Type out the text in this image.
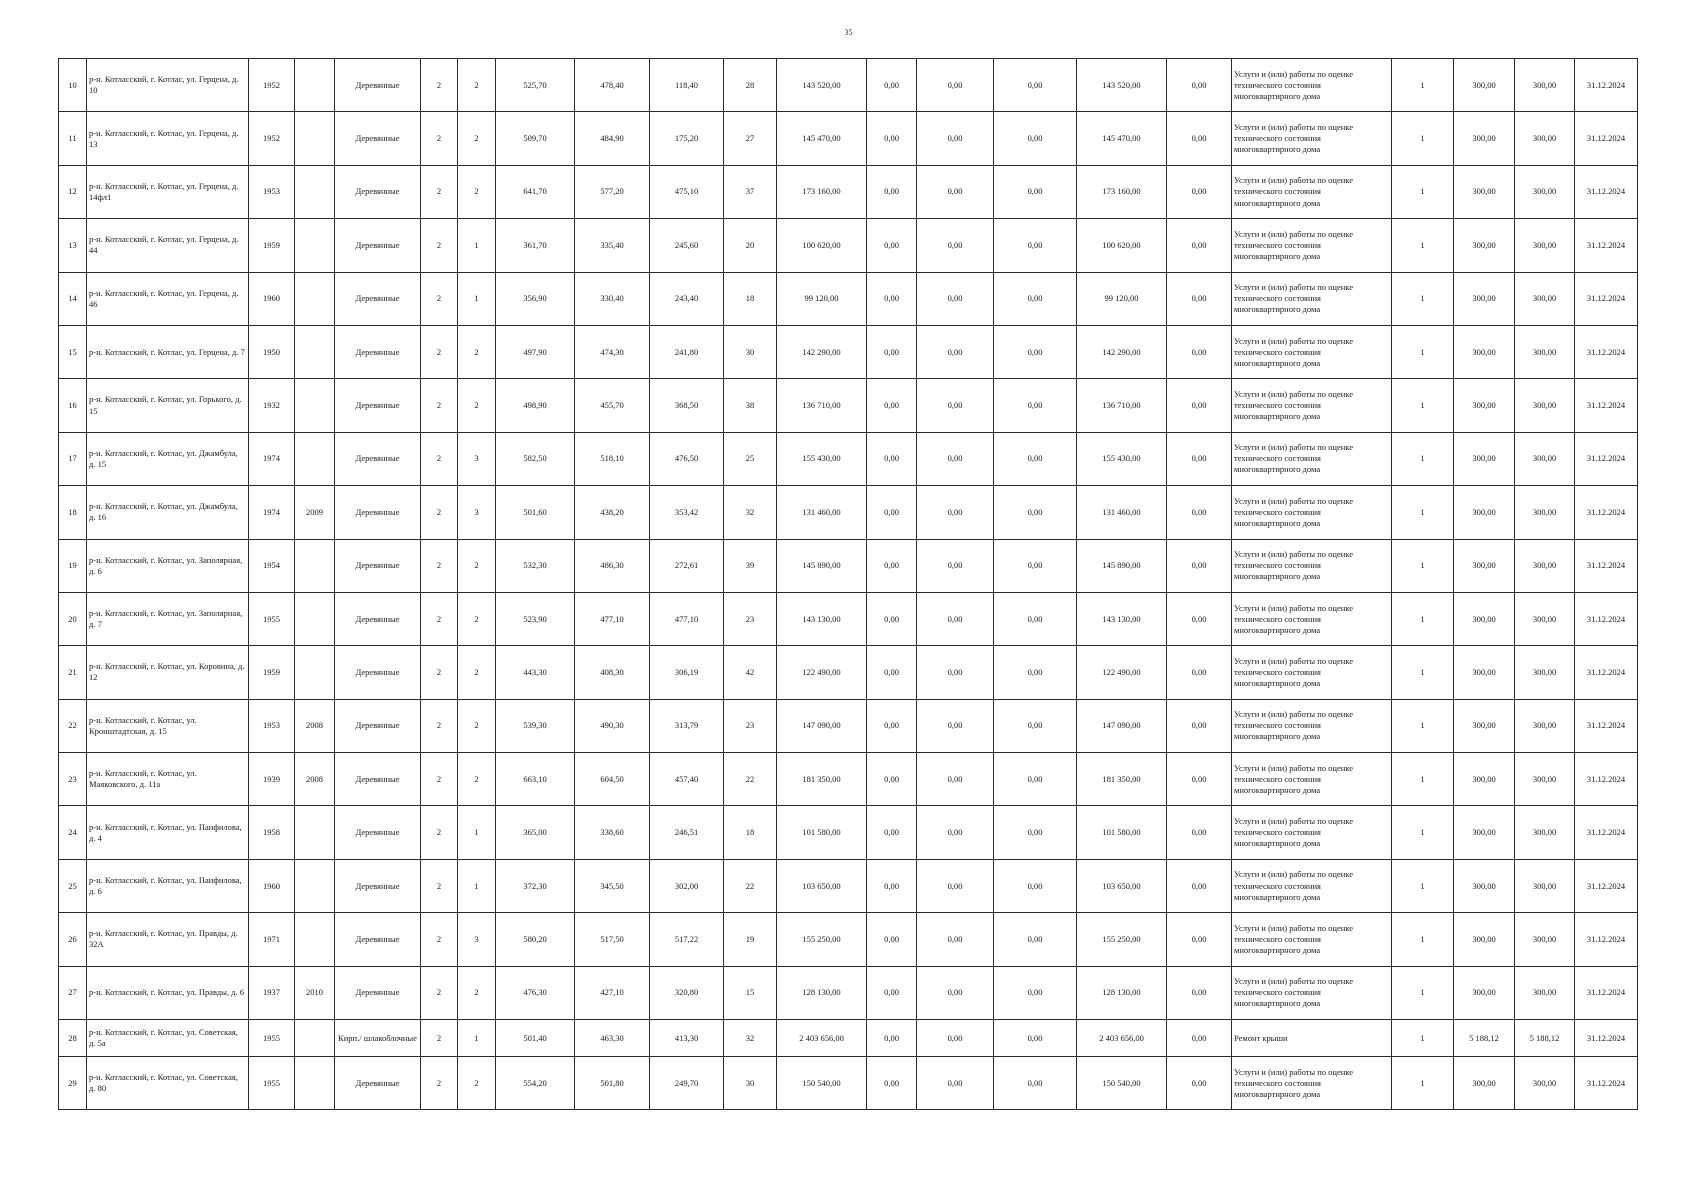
35
10	р-н. Котласский, г. Котлас, ул. Герцена, д. 10	1952		Деревянные	2	2	525,70	478,40	118,40	28	143 520,00	0,00	0,00	0,00	143 520,00	0,00	Услуги и (или) работы по оценке технического состояния многоквартирного дома	1	300,00	300,00	31.12.2024
11	р-н. Котласский, г. Котлас, ул. Герцена, д. 13	1952		Деревянные	2	2	509,70	484,90	175,20	27	145 470,00	0,00	0,00	0,00	145 470,00	0,00	Услуги и (или) работы по оценке технического состояния многоквартирного дома	1	300,00	300,00	31.12.2024
12	р-н. Котласский, г. Котлас, ул. Герцена, д. 14фл1	1953		Деревянные	2	2	641,70	577,20	475,10	37	173 160,00	0,00	0,00	0,00	173 160,00	0,00	Услуги и (или) работы по оценке технического состояния многоквартирного дома	1	300,00	300,00	31.12.2024
13	р-н. Котласский, г. Котлас, ул. Герцена, д. 44	1959		Деревянные	2	1	361,70	335,40	245,60	20	100 620,00	0,00	0,00	0,00	100 620,00	0,00	Услуги и (или) работы по оценке технического состояния многоквартирного дома	1	300,00	300,00	31.12.2024
14	р-н. Котласский, г. Котлас, ул. Герцена, д. 46	1960		Деревянные	2	1	356,90	330,40	243,40	18	99 120,00	0,00	0,00	0,00	99 120,00	0,00	Услуги и (или) работы по оценке технического состояния многоквартирного дома	1	300,00	300,00	31.12.2024
15	р-н. Котласский, г. Котлас, ул. Герцена, д. 7	1950		Деревянные	2	2	497,90	474,30	241,80	30	142 290,00	0,00	0,00	0,00	142 290,00	0,00	Услуги и (или) работы по оценке технического состояния многоквартирного дома	1	300,00	300,00	31.12.2024
16	р-н. Котласский, г. Котлас, ул. Горького, д. 15	1932		Деревянные	2	2	498,90	455,70	368,50	38	136 710,00	0,00	0,00	0,00	136 710,00	0,00	Услуги и (или) работы по оценке технического состояния многоквартирного дома	1	300,00	300,00	31.12.2024
17	р-н. Котласский, г. Котлас, ул. Джамбула, д. 15	1974		Деревянные	2	3	582,50	518,10	476,50	25	155 430,00	0,00	0,00	0,00	155 430,00	0,00	Услуги и (или) работы по оценке технического состояния многоквартирного дома	1	300,00	300,00	31.12.2024
18	р-н. Котласский, г. Котлас, ул. Джамбула, д. 16	1974	2009	Деревянные	2	3	501,60	438,20	353,42	32	131 460,00	0,00	0,00	0,00	131 460,00	0,00	Услуги и (или) работы по оценке технического состояния многоквартирного дома	1	300,00	300,00	31.12.2024
19	р-н. Котласский, г. Котлас, ул. Заполярная, д. 6	1954		Деревянные	2	2	532,30	486,30	272,61	39	145 890,00	0,00	0,00	0,00	145 890,00	0,00	Услуги и (или) работы по оценке технического состояния многоквартирного дома	1	300,00	300,00	31.12.2024
20	р-н. Котласский, г. Котлас, ул. Заполярная, д. 7	1955		Деревянные	2	2	523,90	477,10	477,10	23	143 130,00	0,00	0,00	0,00	143 130,00	0,00	Услуги и (или) работы по оценке технического состояния многоквартирного дома	1	300,00	300,00	31.12.2024
21	р-н. Котласский, г. Котлас, ул. Коровина, д. 12	1959		Деревянные	2	2	443,30	408,30	306,19	42	122 490,00	0,00	0,00	0,00	122 490,00	0,00	Услуги и (или) работы по оценке технического состояния многоквартирного дома	1	300,00	300,00	31.12.2024
22	р-н. Котласский, г. Котлас, ул. Кронштадтская, д. 15	1953	2008	Деревянные	2	2	539,30	490,30	313,79	23	147 090,00	0,00	0,00	0,00	147 090,00	0,00	Услуги и (или) работы по оценке технического состояния многоквартирного дома	1	300,00	300,00	31.12.2024
23	р-н. Котласский, г. Котлас, ул. Маяковского, д. 11а	1939	2008	Деревянные	2	2	663,10	604,50	457,40	22	181 350,00	0,00	0,00	0,00	181 350,00	0,00	Услуги и (или) работы по оценке технического состояния многоквартирного дома	1	300,00	300,00	31.12.2024
24	р-н. Котласский, г. Котлас, ул. Панфилова, д. 4	1958		Деревянные	2	1	365,00	338,60	246,51	18	101 580,00	0,00	0,00	0,00	101 580,00	0,00	Услуги и (или) работы по оценке технического состояния многоквартирного дома	1	300,00	300,00	31.12.2024
25	р-н. Котласский, г. Котлас, ул. Панфилова, д. 6	1960		Деревянные	2	1	372,30	345,50	302,00	22	103 650,00	0,00	0,00	0,00	103 650,00	0,00	Услуги и (или) работы по оценке технического состояния многоквартирного дома	1	300,00	300,00	31.12.2024
26	р-н. Котласский, г. Котлас, ул. Правды, д. 32А	1971		Деревянные	2	3	580,20	517,50	517,22	19	155 250,00	0,00	0,00	0,00	155 250,00	0,00	Услуги и (или) работы по оценке технического состояния многоквартирного дома	1	300,00	300,00	31.12.2024
27	р-н. Котласский, г. Котлас, ул. Правды, д. 6	1937	2010	Деревянные	2	2	476,30	427,10	320,80	15	128 130,00	0,00	0,00	0,00	128 130,00	0,00	Услуги и (или) работы по оценке технического состояния многоквартирного дома	1	300,00	300,00	31.12.2024
28	р-н. Котласский, г. Котлас, ул. Советская, д. 5а	1955		Кирп./ шлакоблочные	2	1	501,40	463,30	413,30	32	2 403 656,00	0,00	0,00	0,00	2 403 656,00	0,00	Ремонт крыши	1	5 188,12	5 188,12	31.12.2024
29	р-н. Котласский, г. Котлас, ул. Советская, д. 80	1955		Деревянные	2	2	554,20	501,80	249,70	30	150 540,00	0,00	0,00	0,00	150 540,00	0,00	Услуги и (или) работы по оценке технического состояния многоквартирного дома	1	300,00	300,00	31.12.2024
